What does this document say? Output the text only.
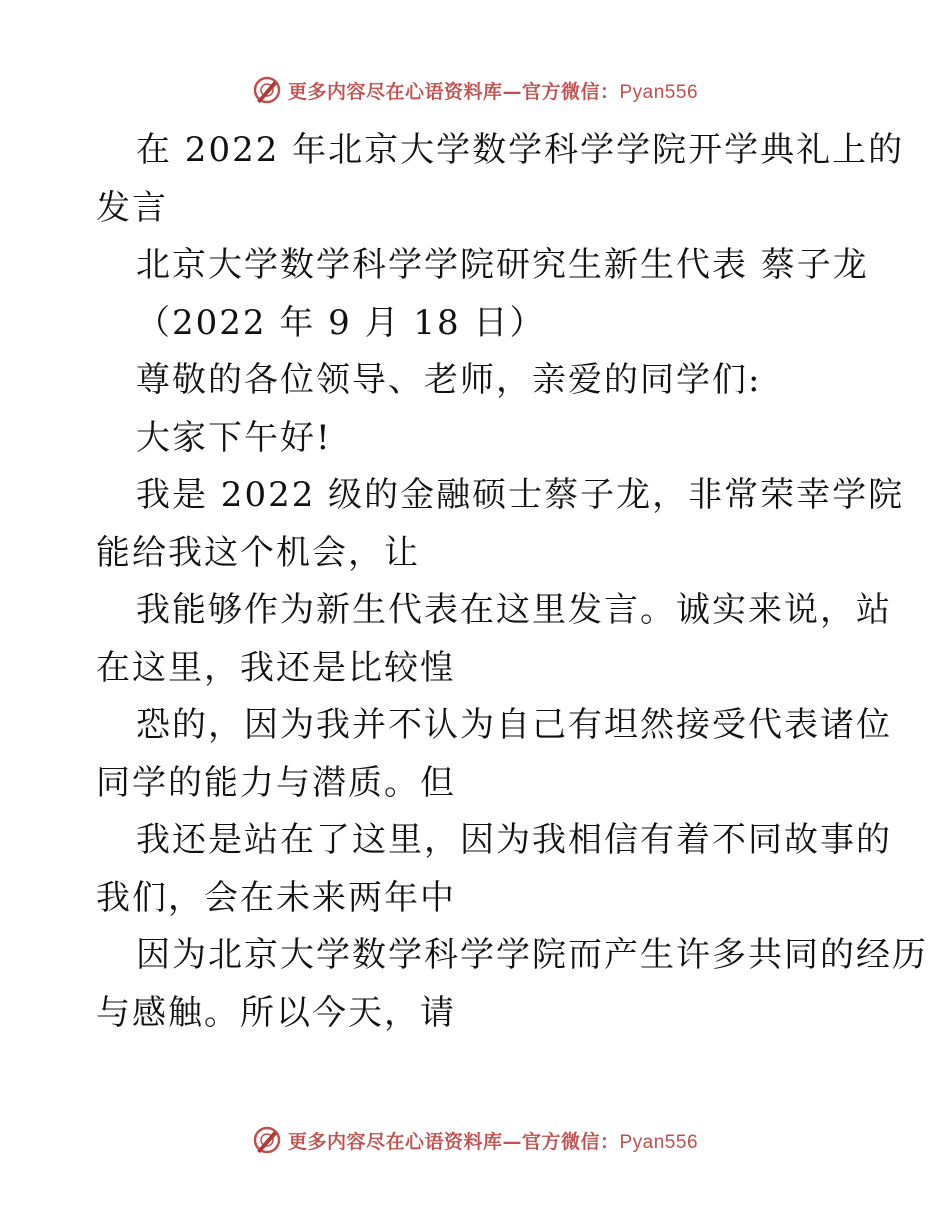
更多内容尽在心语资料库—官方微信：Pyan556
在 2022 年北京大学数学科学学院开学典礼上的
发言
北京大学数学科学学院研究生新生代表 蔡子龙
（2022 年 9 月 18 日）
尊敬的各位领导、老师，亲爱的同学们:
大家下午好!
我是 2022 级的金融硕士蔡子龙，非常荣幸学院
能给我这个机会，让
我能够作为新生代表在这里发言。诚实来说，站
在这里，我还是比较惶
恐的，因为我并不认为自己有坦然接受代表诸位
同学的能力与潜质。但
我还是站在了这里，因为我相信有着不同故事的
我们，会在未来两年中
因为北京大学数学科学学院而产生许多共同的经历
与感触。所以今天，请
更多内容尽在心语资料库—官方微信：Pyan556
